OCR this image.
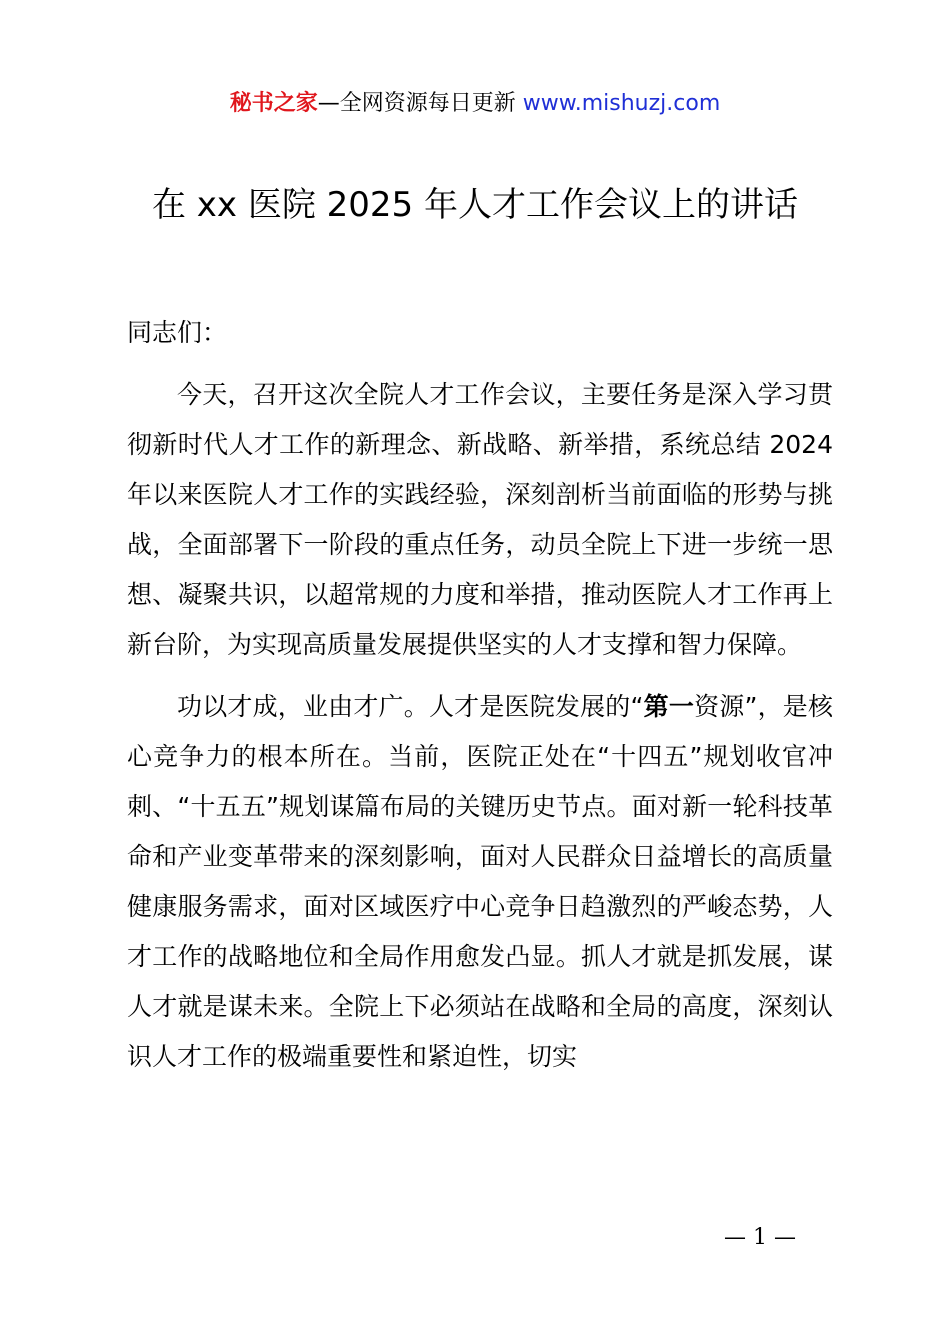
秘书之家—全网资源每日更新 www.mishuzj.com
在 xx 医院 2025 年人才工作会议上的讲话

同志们：

今天，召开这次全院人才工作会议，主要任务是深入学习贯彻新时代人才工作的新理念、新战略、新举措，系统总结 2024 年以来医院人才工作的实践经验，深刻剖析当前面临的形势与挑战，全面部署下一阶段的重点任务，动员全院上下进一步统一思想、凝聚共识，以超常规的力度和举措，推动医院人才工作再上新台阶，为实现高质量发展提供坚实的人才支撑和智力保障。

功以才成，业由才广。人才是医院发展的“第一资源”，是核心竞争力的根本所在。当前，医院正处在“十四五”规划收官冲刺、“十五五”规划谋篇布局的关键历史节点。面对新一轮科技革命和产业变革带来的深刻影响，面对人民群众日益增长的高质量健康服务需求，面对区域医疗中心竞争日趋激烈的严峻态势，人才工作的战略地位和全局作用愈发凸显。抓人才就是抓发展，谋人才就是谋未来。全院上下必须站在战略和全局的高度，深刻认识人才工作的极端重要性和紧迫性，切实

— 1 —
